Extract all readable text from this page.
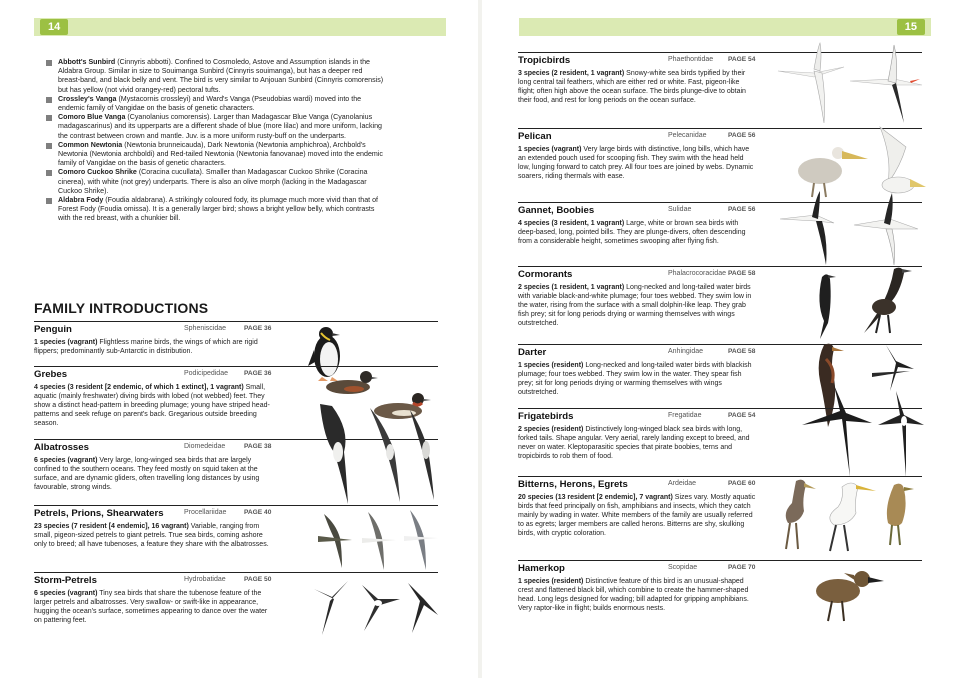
14
Abbott's Sunbird (Cinnyris abbotti). Confined to Cosmoledo, Astove and Assumption islands in the Aldabra Group. Similar in size to Souimanga Sunbird (Cinnyris souimanga), but has a deeper red breast-band, and black belly and vent. The bird is very similar to Anjouan Sunbird (Cinnyris comorensis) but has yellow (not vivid orangey-red) pectoral tufts.
Crossley's Vanga (Mystacornis crossleyi) and Ward's Vanga (Pseudobias wardi) moved into the endemic family of Vangidae on the basis of genetic characters.
Comoro Blue Vanga (Cyanolanius comorensis). Larger than Madagascar Blue Vanga (Cyanolanius madagascarinus) and its upperparts are a different shade of blue (more lilac) and more uniform, lacking the contrast between crown and mantle. Juv. is a more uniform rusty-buff on the underparts.
Common Newtonia (Newtonia brunneicauda), Dark Newtonia (Newtonia amphichroa), Archbold's Newtonia (Newtonia archboldi) and Red-tailed Newtonia (Newtonia fanovanae) moved into the endemic family of Vangidae on the basis of genetic characters.
Comoro Cuckoo Shrike (Coracina cucullata). Smaller than Madagascar Cuckoo Shrike (Coracina cinerea), with white (not grey) underparts. There is also an olive morph (lacking in the Madagascar Cuckoo Shrike).
Aldabra Fody (Foudia aldabrana). A strikingly coloured fody, its plumage much more vivid than that of Forest Fody (Foudia omissa). It is a generally larger bird; shows a bright yellow belly, which contrasts with the red breast, with a chunkier bill.
FAMILY INTRODUCTIONS
Penguin	Spheniscidae	PAGE 36
1 species (vagrant) Flightless marine birds, the wings of which are rigid flippers; predominantly sub-Antarctic in distribution.
Grebes	Podicipedidae PAGE 36
4 species (3 resident [2 endemic, of which 1 extinct], 1 vagrant) Small, aquatic (mainly freshwater) diving birds with lobed (not webbed) feet. They show a distinct head-pattern in breeding plumage; young have striped head-patterns and seek refuge on parent's back. Gregarious outside breeding season.
Albatrosses	Diomedeidae	PAGE 38
6 species (vagrant) Very large, long-winged sea birds that are largely confined to the southern oceans. They feed mostly on squid taken at the surface, and are dynamic gliders, often travelling long distances by using favourable, strong winds.
Petrels, Prions, Shearwaters	Procellariidae	PAGE 40
23 species (7 resident [4 endemic], 16 vagrant) Variable, ranging from small, pigeon-sized petrels to giant petrels. True sea birds, coming ashore only to breed; all have tubenoses, a feature they share with the albatrosses.
Storm-Petrels	Hydrobatidae	PAGE 50
6 species (vagrant) Tiny sea birds that share the tubenose feature of the larger petrels and albatrosses. Very swallow- or swift-like in appearance, hugging the ocean's surface, sometimes appearing to dance over the water on pattering feet.
15
Tropicbirds	Phaethontidae PAGE 54
3 species (2 resident, 1 vagrant) Snowy-white sea birds typified by their long central tail feathers, which are either red or white. Fast, pigeon-like flight; often high above the ocean surface. The birds plunge-dive to obtain their food, and rest for long periods on the ocean surface.
Pelican	Pelecanidae	PAGE 56
1 species (vagrant) Very large birds with distinctive, long bills, which have an extended pouch used for scooping fish. They swim with the head held low, lunging forward to catch prey. All four toes are joined by webs. Dynamic soarers, riding thermals with ease.
Gannet, Boobies	Sulidae	PAGE 56
4 species (3 resident, 1 vagrant) Large, white or brown sea birds with deep-based, long, pointed bills. They are plunge-divers, often descending from a considerable height, sometimes swooping after flying fish.
Cormorants	Phalacrocoracidae PAGE 58
2 species (1 resident, 1 vagrant) Long-necked and long-tailed water birds with variable black-and-white plumage; four toes webbed. They swim low in the water, rising from the surface with a small dolphin-like leap. They grab fish prey; sit for long periods drying or warming themselves with wings outstretched.
Darter	Anhingidae	PAGE 58
1 species (resident) Long-necked and long-tailed water birds with blackish plumage; four toes webbed. They swim low in the water. They spear fish prey; sit for long periods drying or warming themselves with wings outstretched.
Frigatebirds	Fregatidae	PAGE 54
2 species (resident) Distinctively long-winged black sea birds with long, forked tails. Shape angular. Very aerial, rarely landing except to breed, and never on water. Kleptoparasitic species that pirate boobies, terns and tropicbirds to rob them of food.
Bitterns, Herons, Egrets	Ardeidae	PAGE 60
20 species (13 resident [2 endemic], 7 vagrant) Sizes vary. Mostly aquatic birds that feed principally on fish, amphibians and insects, which they catch mainly by wading in water. White members of the family are usually referred to as egrets; larger members are called herons. Bitterns are shy, skulking birds, with cryptic coloration.
Hamerkop	Scopidae	PAGE 70
1 species (resident) Distinctive feature of this bird is an unusual-shaped crest and flattened black bill, which combine to create the hammer-shaped head. Long legs designed for wading; bill adapted for gripping amphibians. Very raptor-like in flight; builds enormous nests.
